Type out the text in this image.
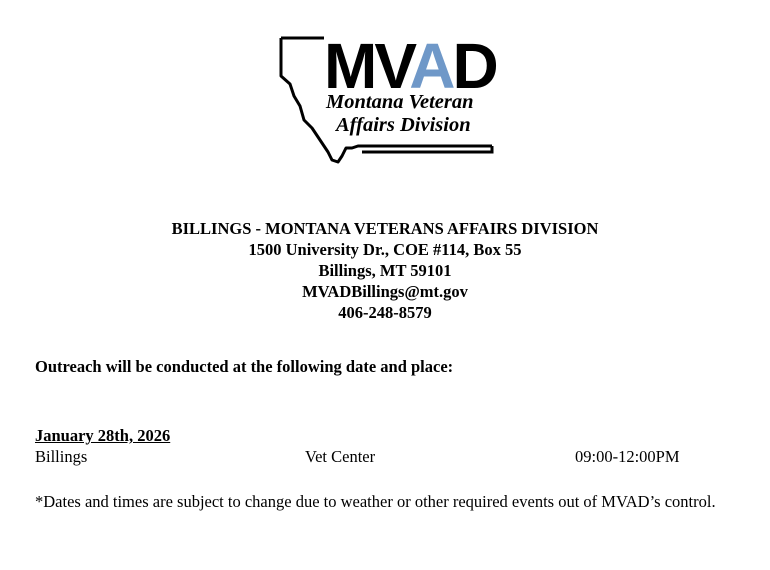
MVAD
Montana Veteran
Affairs Division
BILLINGS - MONTANA VETERANS AFFAIRS DIVISION
1500 University Dr., COE #114, Box 55
Billings, MT 59101
MVADBillings@mt.gov
406-248-8579
Outreach will be conducted at the following date and place:
January 28th, 2026
Billings	Vet Center	09:00-12:00PM
*Dates and times are subject to change due to weather or other required events out of MVAD’s control.
